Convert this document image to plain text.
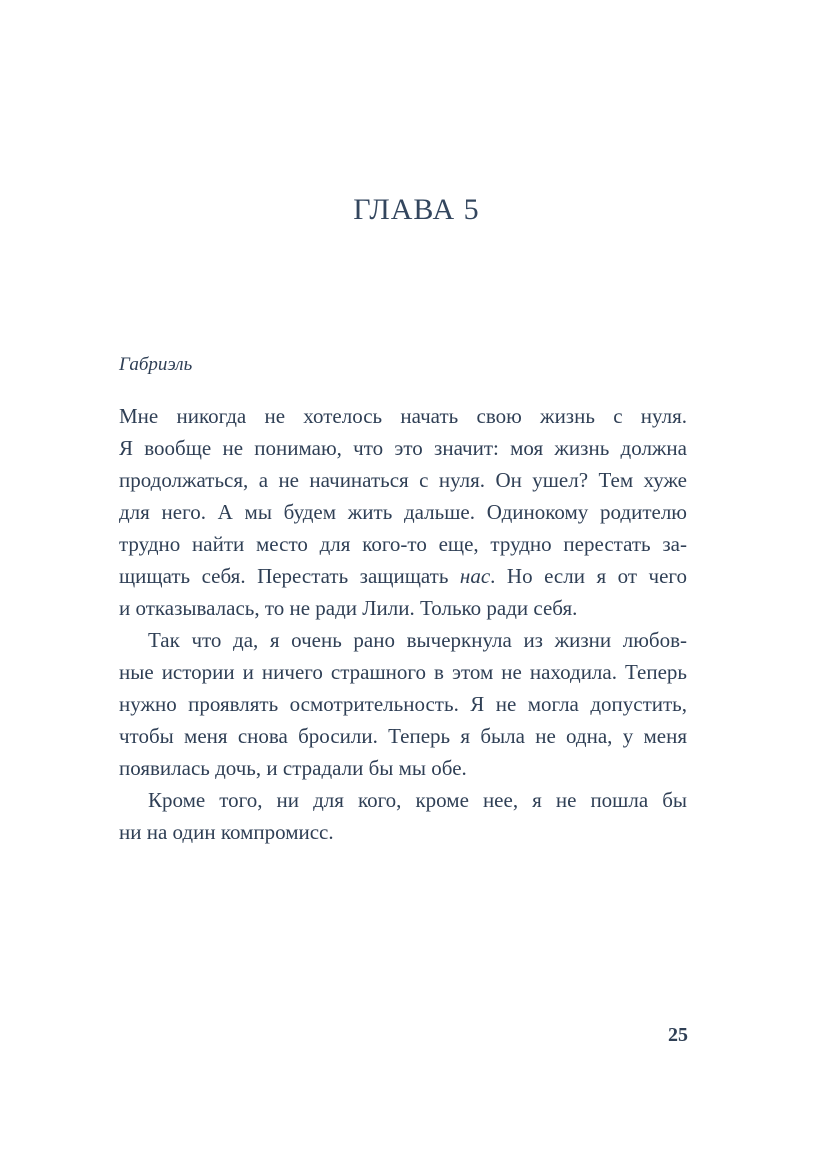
ГЛАВА 5

Габриэль

Мне никогда не хотелось начать свою жизнь с нуля.
Я вообще не понимаю, что это значит: моя жизнь должна
продолжаться, а не начинаться с нуля. Он ушел? Тем хуже
для него. А мы будем жить дальше. Одинокому родителю
трудно найти место для кого-то еще, трудно перестать за-
щищать себя. Перестать защищать нас. Но если я от чего
и отказывалась, то не ради Лили. Только ради себя.
Так что да, я очень рано вычеркнула из жизни любов-
ные истории и ничего страшного в этом не находила. Теперь
нужно проявлять осмотрительность. Я не могла допустить,
чтобы меня снова бросили. Теперь я была не одна, у меня
появилась дочь, и страдали бы мы обе.
Кроме того, ни для кого, кроме нее, я не пошла бы
ни на один компромисс.

25
